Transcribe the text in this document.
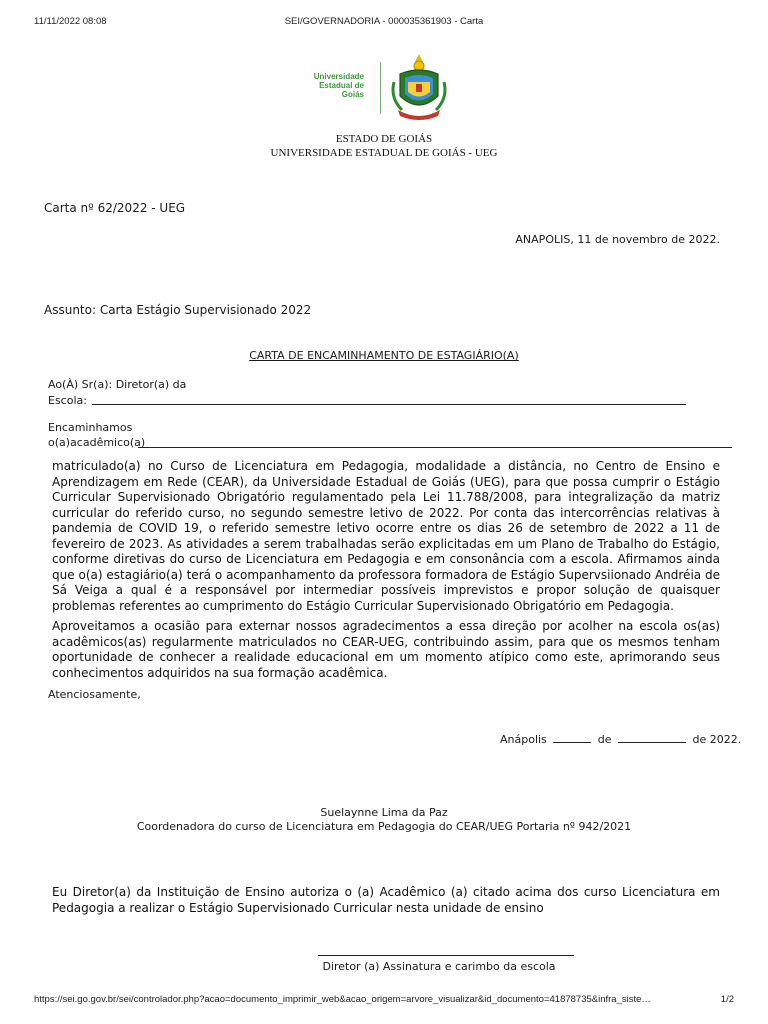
11/11/2022 08:08	SEI/GOVERNADORIA - 000035361903 - Carta
Universidade
Estadual de
Goiás
ESTADO DE GOIÁS
UNIVERSIDADE ESTADUAL DE GOIÁS - UEG
Carta nº 62/2022 - UEG
ANAPOLIS, 11 de novembro de 2022.
Assunto: Carta Estágio Supervisionado 2022
CARTA DE ENCAMINHAMENTO DE ESTAGIÁRIO(A)
Ao(À) Sr(a): Diretor(a) da
Escola:
Encaminhamos
o(a)acadêmico(a)
matriculado(a) no Curso de Licenciatura em Pedagogia, modalidade a distância, no Centro de Ensino e Aprendizagem em Rede (CEAR), da Universidade Estadual de Goiás (UEG), para que possa cumprir o Estágio Curricular Supervisionado Obrigatório regulamentado pela Lei 11.788/2008, para integralização da matriz curricular do referido curso, no segundo semestre letivo de 2022. Por conta das intercorrências relativas à pandemia de COVID 19, o referido semestre letivo ocorre entre os dias 26 de setembro de 2022 a 11 de fevereiro de 2023. As atividades a serem trabalhadas serão explicitadas em um Plano de Trabalho do Estágio, conforme diretivas do curso de Licenciatura em Pedagogia e em consonância com a escola. Afirmamos ainda que o(a) estagiário(a) terá o acompanhamento da professora formadora de Estágio Supervsiionado Andréia de Sá Veiga a qual é a responsável por intermediar possíveis imprevistos e propor solução de quaisquer problemas referentes ao cumprimento do Estágio Curricular Supervisionado Obrigatório em Pedagogia.
Aproveitamos a ocasião para externar nossos agradecimentos a essa direção por acolher na escola os(as) acadêmicos(as) regularmente matriculados no CEAR-UEG, contribuindo assim, para que os mesmos tenham oportunidade de conhecer a realidade educacional em um momento atípico como este, aprimorando seus conhecimentos adquiridos na sua formação acadêmica.
Atenciosamente,
Anápolis	de	de 2022.
Suelaynne Lima da Paz
Coordenadora do curso de Licenciatura em Pedagogia do CEAR/UEG Portaria nº 942/2021
Eu Diretor(a) da Instituição de Ensino autoriza o (a) Acadêmico (a) citado acima dos curso Licenciatura em Pedagogia a realizar o Estágio Supervisionado Curricular nesta unidade de ensino
Diretor (a) Assinatura e carimbo da escola
https://sei.go.gov.br/sei/controlador.php?acao=documento_imprimir_web&acao_origem=arvore_visualizar&id_documento=41878735&infra_siste…	1/2
